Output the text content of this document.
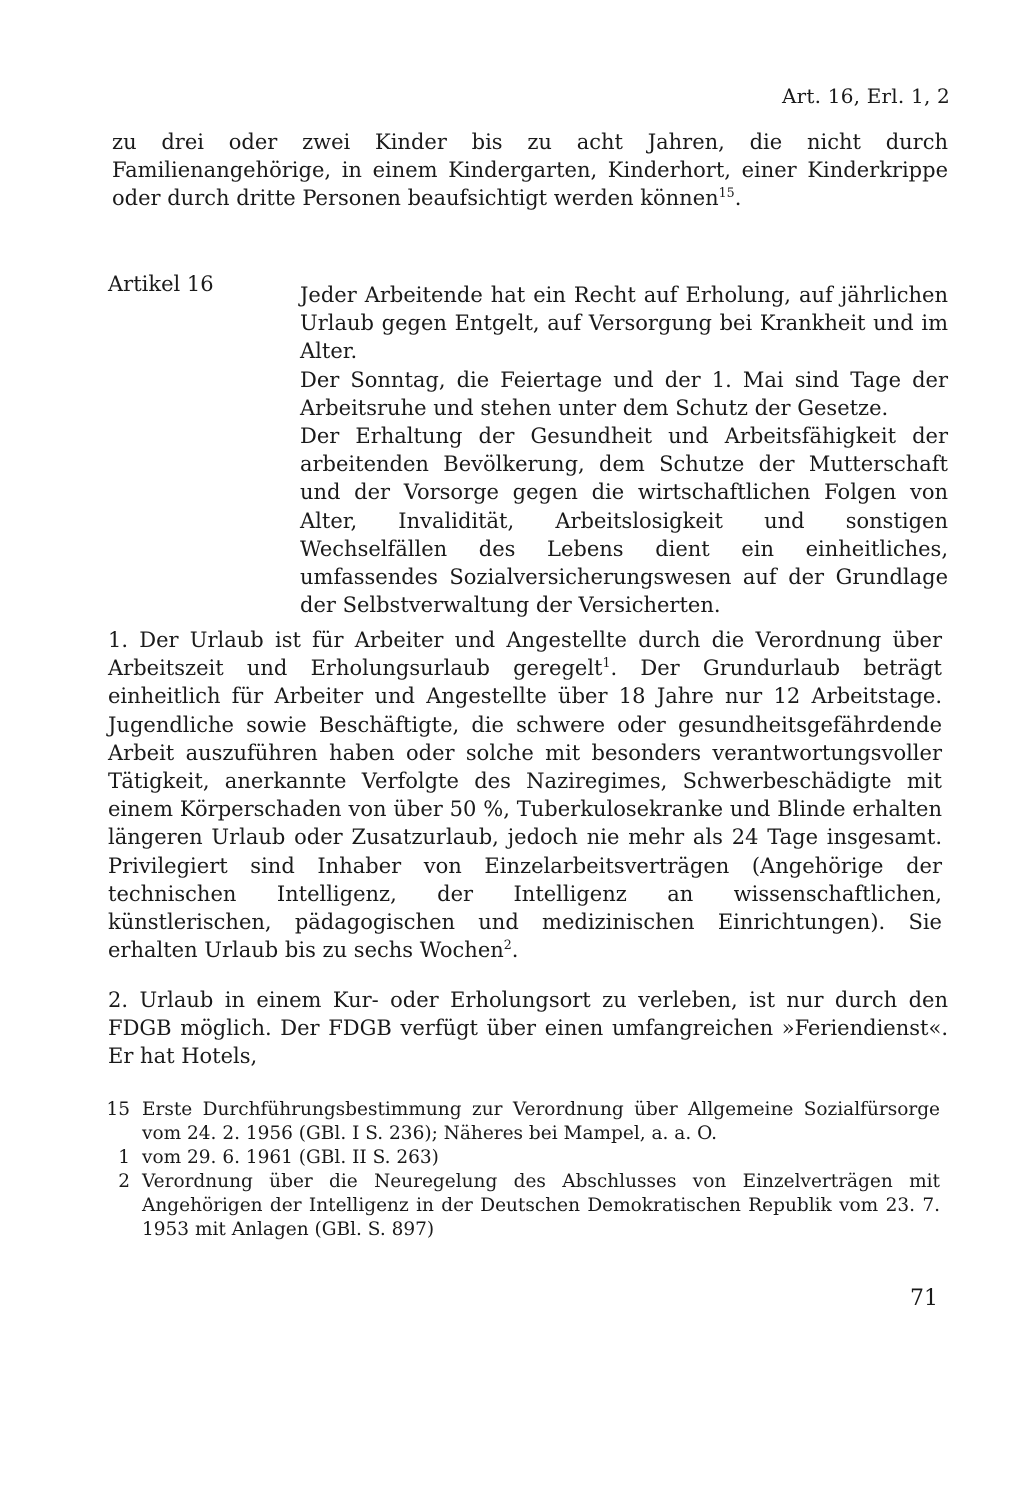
Art. 16, Erl. 1, 2
zu drei oder zwei Kinder bis zu acht Jahren, die nicht durch Familienangehörige, in einem Kindergarten, Kinderhort, einer Kinderkrippe oder durch dritte Personen beaufsichtigt werden können$^{15}$.
Artikel 16	Jeder Arbeitende hat ein Recht auf Erholung, auf jährlichen Urlaub gegen Entgelt, auf Versorgung bei Krankheit und im Alter.

Der Sonntag, die Feiertage und der 1. Mai sind Tage der Arbeitsruhe und stehen unter dem Schutz der Gesetze.

Der Erhaltung der Gesundheit und Arbeitsfähigkeit der arbeitenden Bevölkerung, dem Schutze der Mutterschaft und der Vorsorge gegen die wirtschaftlichen Folgen von Alter, Invalidität, Arbeitslosigkeit und sonstigen Wechselfällen des Lebens dient ein einheitliches, umfassendes Sozialversicherungswesen auf der Grundlage der Selbstverwaltung der Versicherten.

1. Der Urlaub ist für Arbeiter und Angestellte durch die Verordnung über Arbeitszeit und Erholungsurlaub geregelt$^1$. Der Grundurlaub beträgt einheitlich für Arbeiter und Angestellte über 18 Jahre nur 12 Arbeitstage. Jugendliche sowie Beschäftigte, die schwere oder gesundheitsgefährdende Arbeit auszuführen haben oder solche mit besonders verantwortungsvoller Tätigkeit, anerkannte Verfolgte des Naziregimes, Schwerbeschädigte mit einem Körperschaden von über 50 %, Tuberkulosekranke und Blinde erhalten längeren Urlaub oder Zusatzurlaub, jedoch nie mehr als 24 Tage insgesamt. Privilegiert sind Inhaber von Einzelarbeitsverträgen (Angehörige der technischen Intelligenz, der Intelligenz an wissenschaftlichen, künstlerischen, pädagogischen und medizinischen Einrichtungen). Sie erhalten Urlaub bis zu sechs Wochen$^2$.
2. Urlaub in einem Kur- oder Erholungsort zu verleben, ist nur durch den FDGB möglich. Der FDGB verfügt über einen umfangreichen »Feriendienst«. Er hat Hotels,
15 Erste Durchführungsbestimmung zur Verordnung über Allgemeine Sozialfürsorge vom 24. 2. 1956 (GBl. I S. 236); Näheres bei Mampel, a. a. O.
1 vom 29. 6. 1961 (GBl. II S. 263)
2 Verordnung über die Neuregelung des Abschlusses von Einzelverträgen mit Angehörigen der Intelligenz in der Deutschen Demokratischen Republik vom 23. 7. 1953 mit Anlagen (GBl. S. 897)
71
